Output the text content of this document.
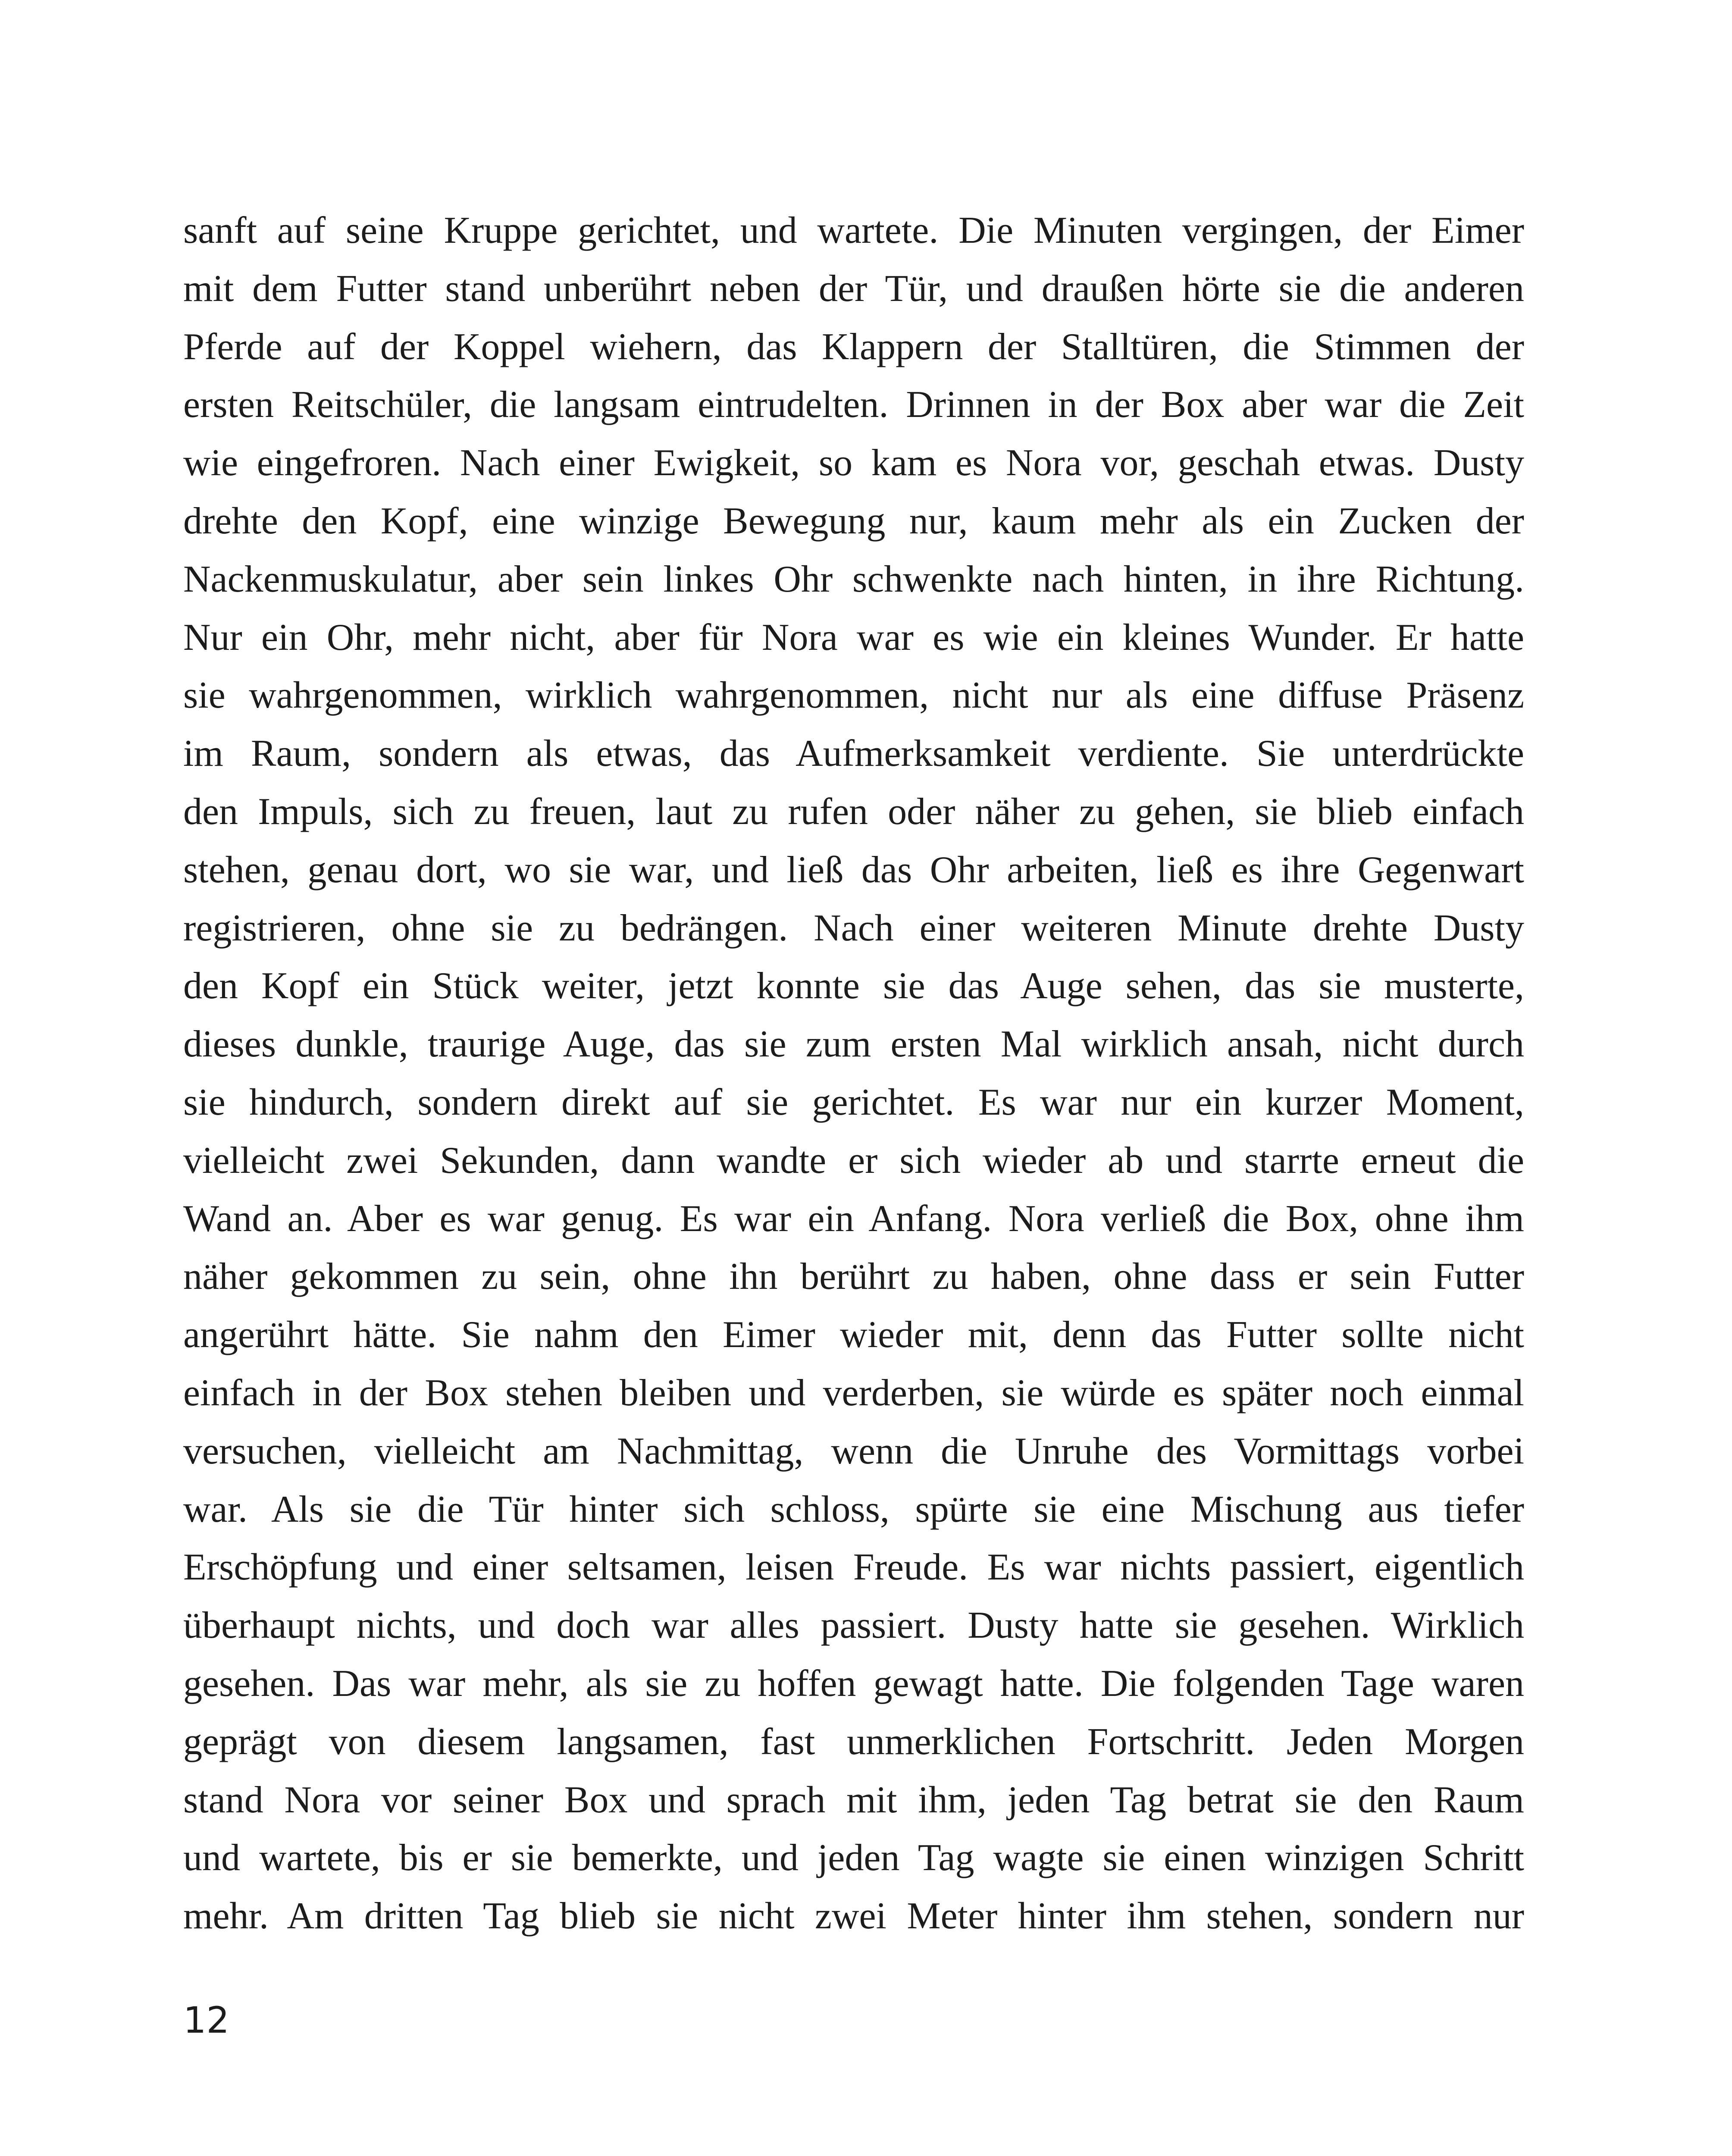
sanft auf seine Kruppe gerichtet, und wartete. Die Minuten vergingen, der Eimer
mit dem Futter stand unberührt neben der Tür, und draußen hörte sie die anderen
Pferde auf der Koppel wiehern, das Klappern der Stalltüren, die Stimmen der
ersten Reitschüler, die langsam eintrudelten. Drinnen in der Box aber war die Zeit
wie eingefroren. Nach einer Ewigkeit, so kam es Nora vor, geschah etwas. Dusty
drehte den Kopf, eine winzige Bewegung nur, kaum mehr als ein Zucken der
Nackenmuskulatur, aber sein linkes Ohr schwenkte nach hinten, in ihre Richtung.
Nur ein Ohr, mehr nicht, aber für Nora war es wie ein kleines Wunder. Er hatte
sie wahrgenommen, wirklich wahrgenommen, nicht nur als eine diffuse Präsenz
im Raum, sondern als etwas, das Aufmerksamkeit verdiente. Sie unterdrückte
den Impuls, sich zu freuen, laut zu rufen oder näher zu gehen, sie blieb einfach
stehen, genau dort, wo sie war, und ließ das Ohr arbeiten, ließ es ihre Gegenwart
registrieren, ohne sie zu bedrängen. Nach einer weiteren Minute drehte Dusty
den Kopf ein Stück weiter, jetzt konnte sie das Auge sehen, das sie musterte,
dieses dunkle, traurige Auge, das sie zum ersten Mal wirklich ansah, nicht durch
sie hindurch, sondern direkt auf sie gerichtet. Es war nur ein kurzer Moment,
vielleicht zwei Sekunden, dann wandte er sich wieder ab und starrte erneut die
Wand an. Aber es war genug. Es war ein Anfang. Nora verließ die Box, ohne ihm
näher gekommen zu sein, ohne ihn berührt zu haben, ohne dass er sein Futter
angerührt hätte. Sie nahm den Eimer wieder mit, denn das Futter sollte nicht
einfach in der Box stehen bleiben und verderben, sie würde es später noch einmal
versuchen, vielleicht am Nachmittag, wenn die Unruhe des Vormittags vorbei
war. Als sie die Tür hinter sich schloss, spürte sie eine Mischung aus tiefer
Erschöpfung und einer seltsamen, leisen Freude. Es war nichts passiert, eigentlich
überhaupt nichts, und doch war alles passiert. Dusty hatte sie gesehen. Wirklich
gesehen. Das war mehr, als sie zu hoffen gewagt hatte. Die folgenden Tage waren
geprägt von diesem langsamen, fast unmerklichen Fortschritt. Jeden Morgen
stand Nora vor seiner Box und sprach mit ihm, jeden Tag betrat sie den Raum
und wartete, bis er sie bemerkte, und jeden Tag wagte sie einen winzigen Schritt
mehr. Am dritten Tag blieb sie nicht zwei Meter hinter ihm stehen, sondern nur
12
